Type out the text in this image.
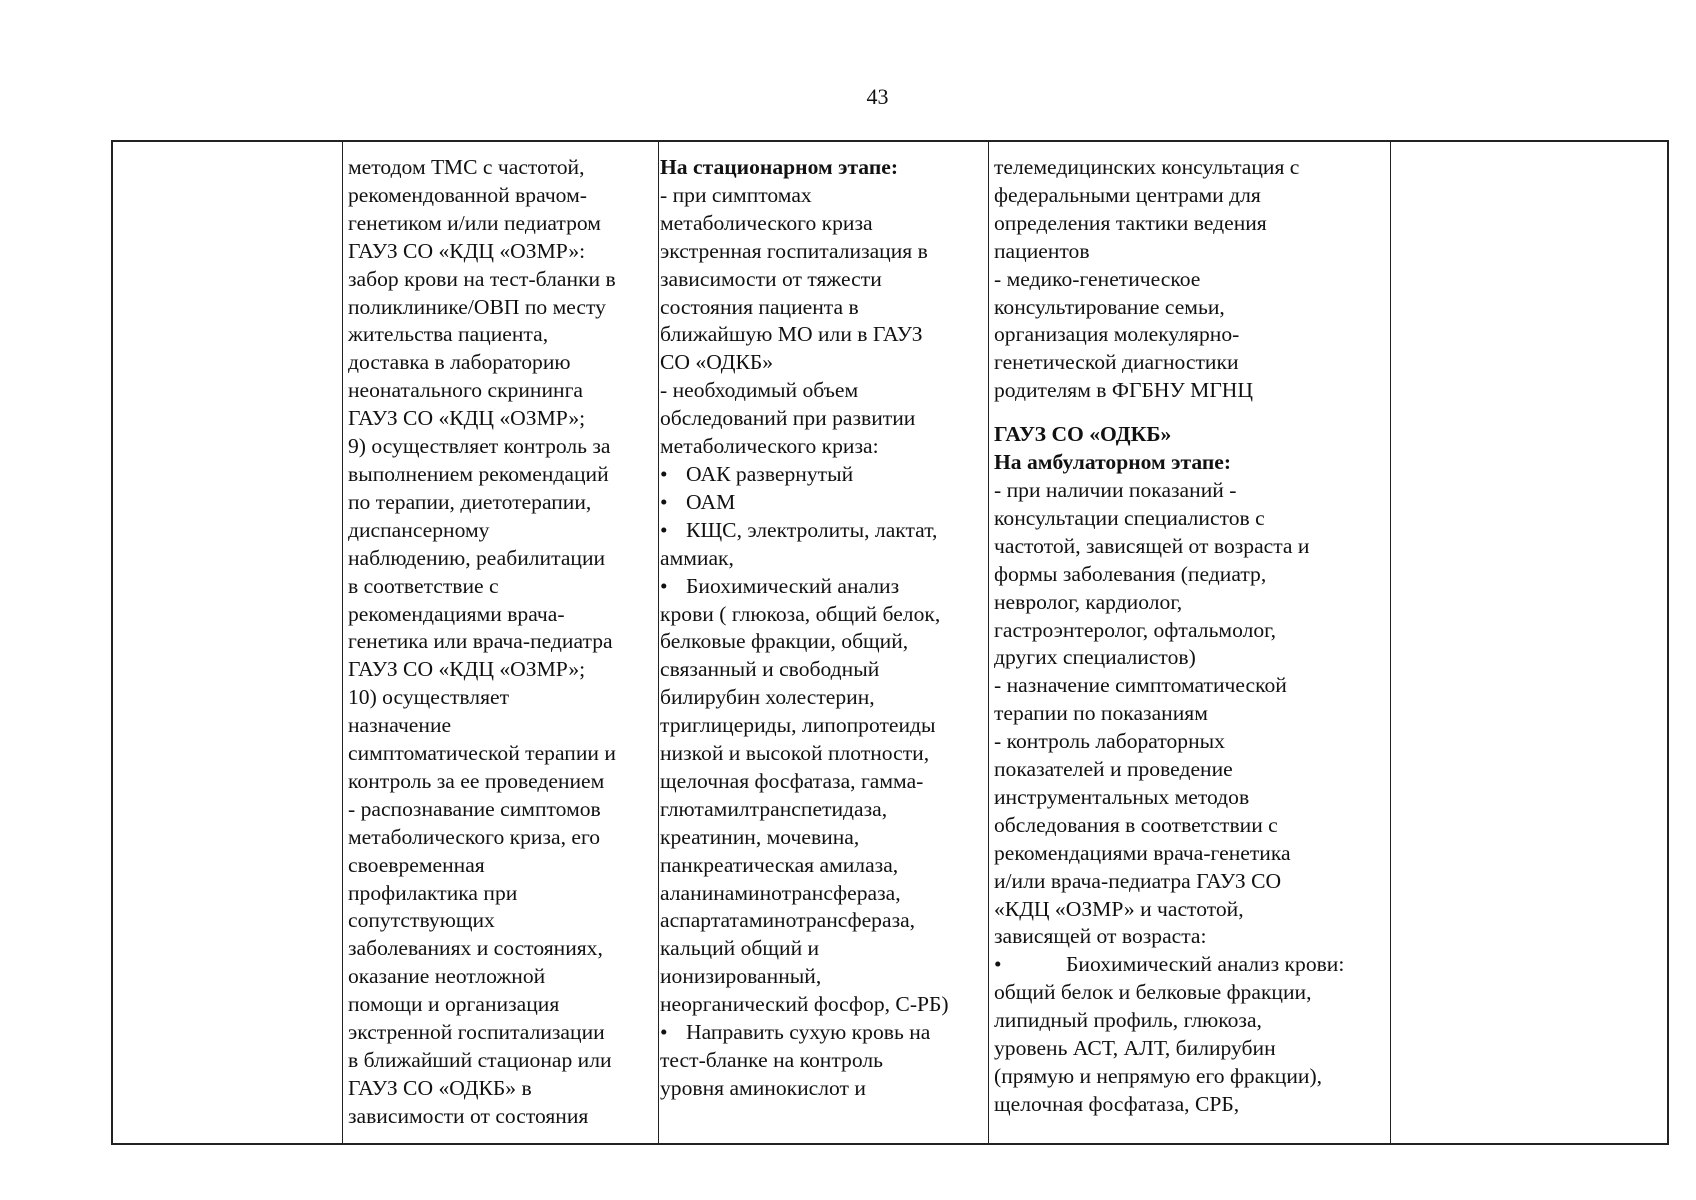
43
методом ТМС с частотой,
рекомендованной врачом-
генетиком и/или педиатром
ГАУЗ СО «КДЦ «ОЗМР»:
забор крови на тест-бланки в
поликлинике/ОВП по месту
жительства пациента,
доставка в лабораторию
неонатального скрининга
ГАУЗ СО «КДЦ «ОЗМР»;
9) осуществляет контроль за
выполнением рекомендаций
по терапии, диетотерапии,
диспансерному
наблюдению, реабилитации
в соответствие с
рекомендациями врача-
генетика или врача-педиатра
ГАУЗ СО «КДЦ «ОЗМР»;
10) осуществляет
назначение
симптоматической терапии и
контроль за ее проведением
- распознавание симптомов
метаболического криза, его
своевременная
профилактика при
сопутствующих
заболеваниях и состояниях,
оказание неотложной
помощи и организация
экстренной госпитализации
в ближайший стационар или
ГАУЗ СО «ОДКБ» в
зависимости от состояния
На стационарном этапе:
- при симптомах
метаболического криза
экстренная госпитализация в
зависимости от тяжести
состояния пациента в
ближайшую МО или в ГАУЗ
СО «ОДКБ»
- необходимый объем
обследований при развитии
метаболического криза:
• ОАК развернутый
• ОАМ
• КЩС, электролиты, лактат,
аммиак,
• Биохимический анализ
крови ( глюкоза, общий белок,
белковые фракции, общий,
связанный и свободный
билирубин холестерин,
триглицериды, липопротеиды
низкой и высокой плотности,
щелочная фосфатаза, гамма-
глютамилтранспетидаза,
креатинин, мочевина,
панкреатическая амилаза,
аланинаминотрансфераза,
аспартатаминотрансфераза,
кальций общий и
ионизированный,
неорганический фосфор, С-РБ)
• Направить сухую кровь на
тест-бланке на контроль
уровня аминокислот и
телемедицинских консультация с
федеральными центрами для
определения тактики ведения
пациентов
- медико-генетическое
консультирование семьи,
организация молекулярно-
генетической диагностики
родителям в ФГБНУ МГНЦ
ГАУЗ СО «ОДКБ»
На амбулаторном этапе:
- при наличии показаний -
консультации специалистов с
частотой, зависящей от возраста и
формы заболевания (педиатр,
невролог, кардиолог,
гастроэнтеролог, офтальмолог,
других специалистов)
- назначение симптоматической
терапии по показаниям
- контроль лабораторных
показателей и проведение
инструментальных методов
обследования в соответствии с
рекомендациями врача-генетика
и/или врача-педиатра ГАУЗ СО
«КДЦ «ОЗМР» и частотой,
зависящей от возраста:
•	Биохимический анализ крови:
общий белок и белковые фракции,
липидный профиль, глюкоза,
уровень АСТ, АЛТ, билирубин
(прямую и непрямую его фракции),
щелочная фосфатаза, СРБ,
